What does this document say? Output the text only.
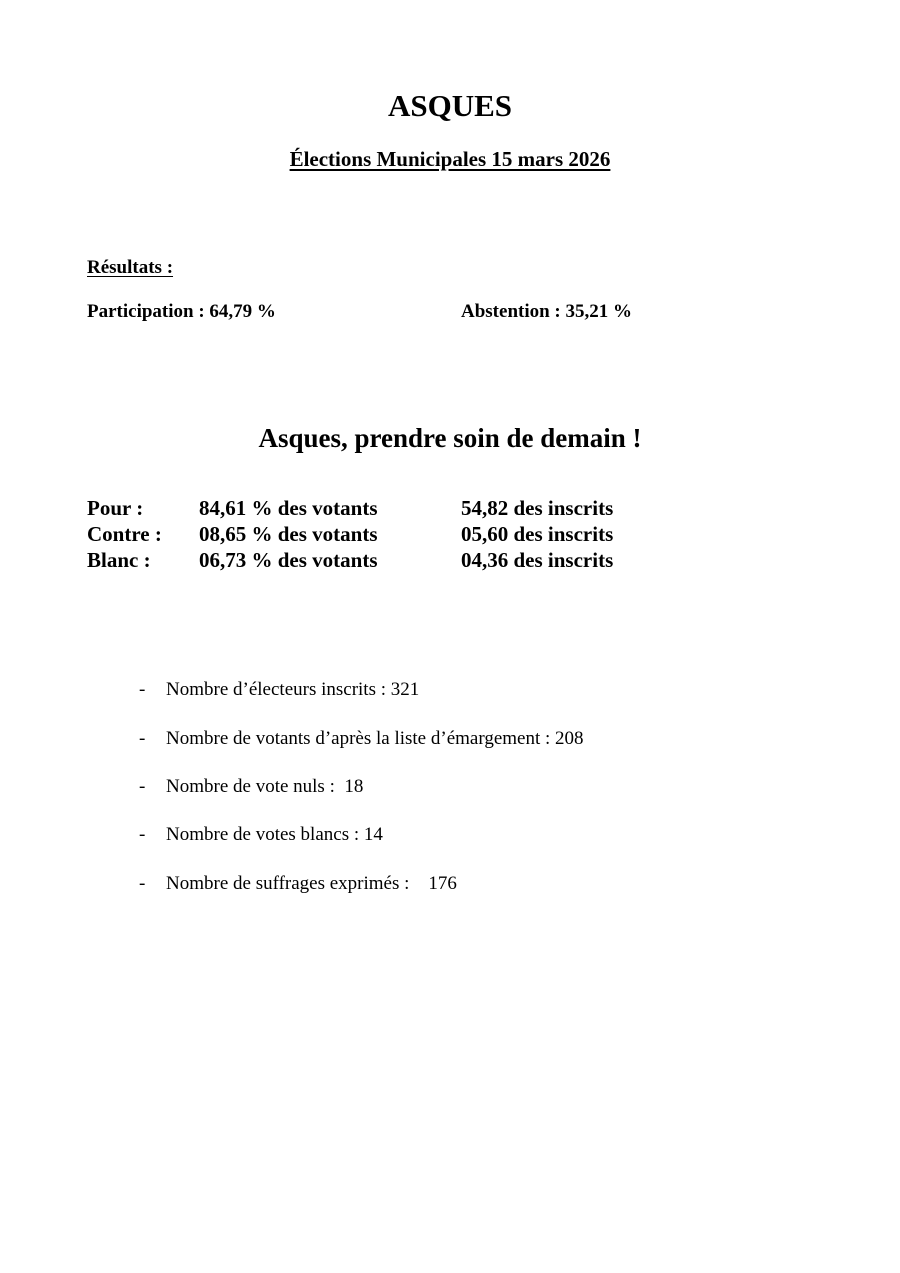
ASQUES
Élections Municipales 15 mars 2026
Résultats :
Participation : 64,79 %	Abstention : 35,21 %
Asques, prendre soin de demain !
Pour :	84,61 % des votants	54,82 des inscrits
Contre : 08,65 % des votants	05,60 des inscrits
Blanc : 06,73 % des votants	04,36 des inscrits
- Nombre d’électeurs inscrits : 321
- Nombre de votants d’après la liste d’émargement : 208
- Nombre de vote nuls :  18
- Nombre de votes blancs : 14
- Nombre de suffrages exprimés :    176
